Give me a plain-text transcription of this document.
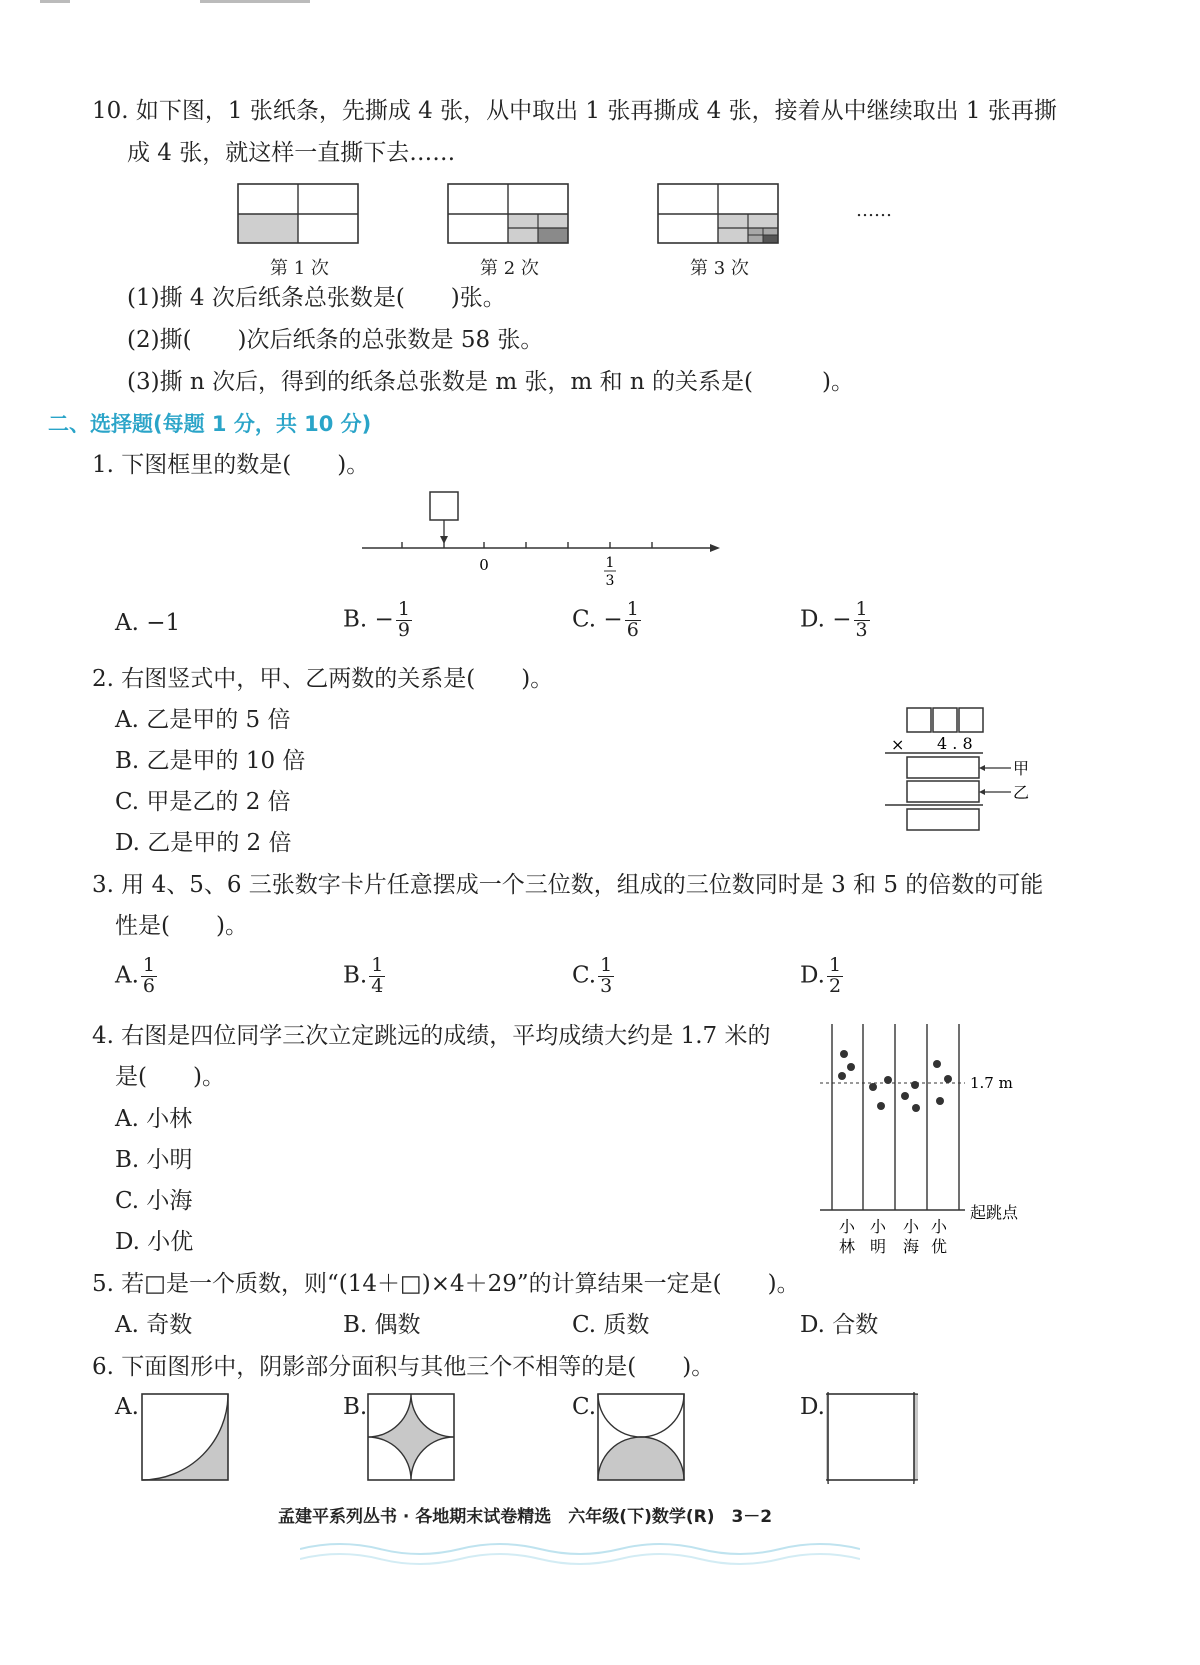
10. 如下图，1 张纸条，先撕成 4 张，从中取出 1 张再撕成 4 张，接着从中继续取出 1 张再撕
成 4 张，就这样一直撕下去……
……
第 1 次	第 2 次	第 3 次
(1)撕 4 次后纸条总张数是(　　)张。
(2)撕(　　)次后纸条的总张数是 58 张。
(3)撕 n 次后，得到的纸条总张数是 m 张，m 和 n 的关系是(　　　)。
二、选择题(每题 1 分，共 10 分)
1. 下图框里的数是(　　)。
0	1
3
A. −1	B. − $\frac{1}{9}$	C. − $\frac{1}{6}$	D. − $\frac{1}{3}$
2. 右图竖式中，甲、乙两数的关系是(　　)。
A. 乙是甲的 5 倍
B. 乙是甲的 10 倍
C. 甲是乙的 2 倍
D. 乙是甲的 2 倍
× 4 . 8
甲
乙
3. 用 4、5、6 三张数字卡片任意摆成一个三位数，组成的三位数同时是 3 和 5 的倍数的可能
性是(　　)。
A. $\frac{1}{6}$	B. $\frac{1}{4}$	C. $\frac{1}{3}$	D. $\frac{1}{2}$
4. 右图是四位同学三次立定跳远的成绩，平均成绩大约是 1.7 米的
是(　　)。
A. 小林
B. 小明
C. 小海
D. 小优
1.7 m
起跳点
小
林
小
明
小
海
小
优
5. 若□是一个质数，则“(14＋□)×4＋29”的计算结果一定是(　　)。
A. 奇数	B. 偶数	C. 质数	D. 合数
6. 下面图形中，阴影部分面积与其他三个不相等的是(　　)。
A.	B.	C.	D.
孟建平系列丛书 · 各地期末试卷精选　六年级(下)数学(R)　3－2
